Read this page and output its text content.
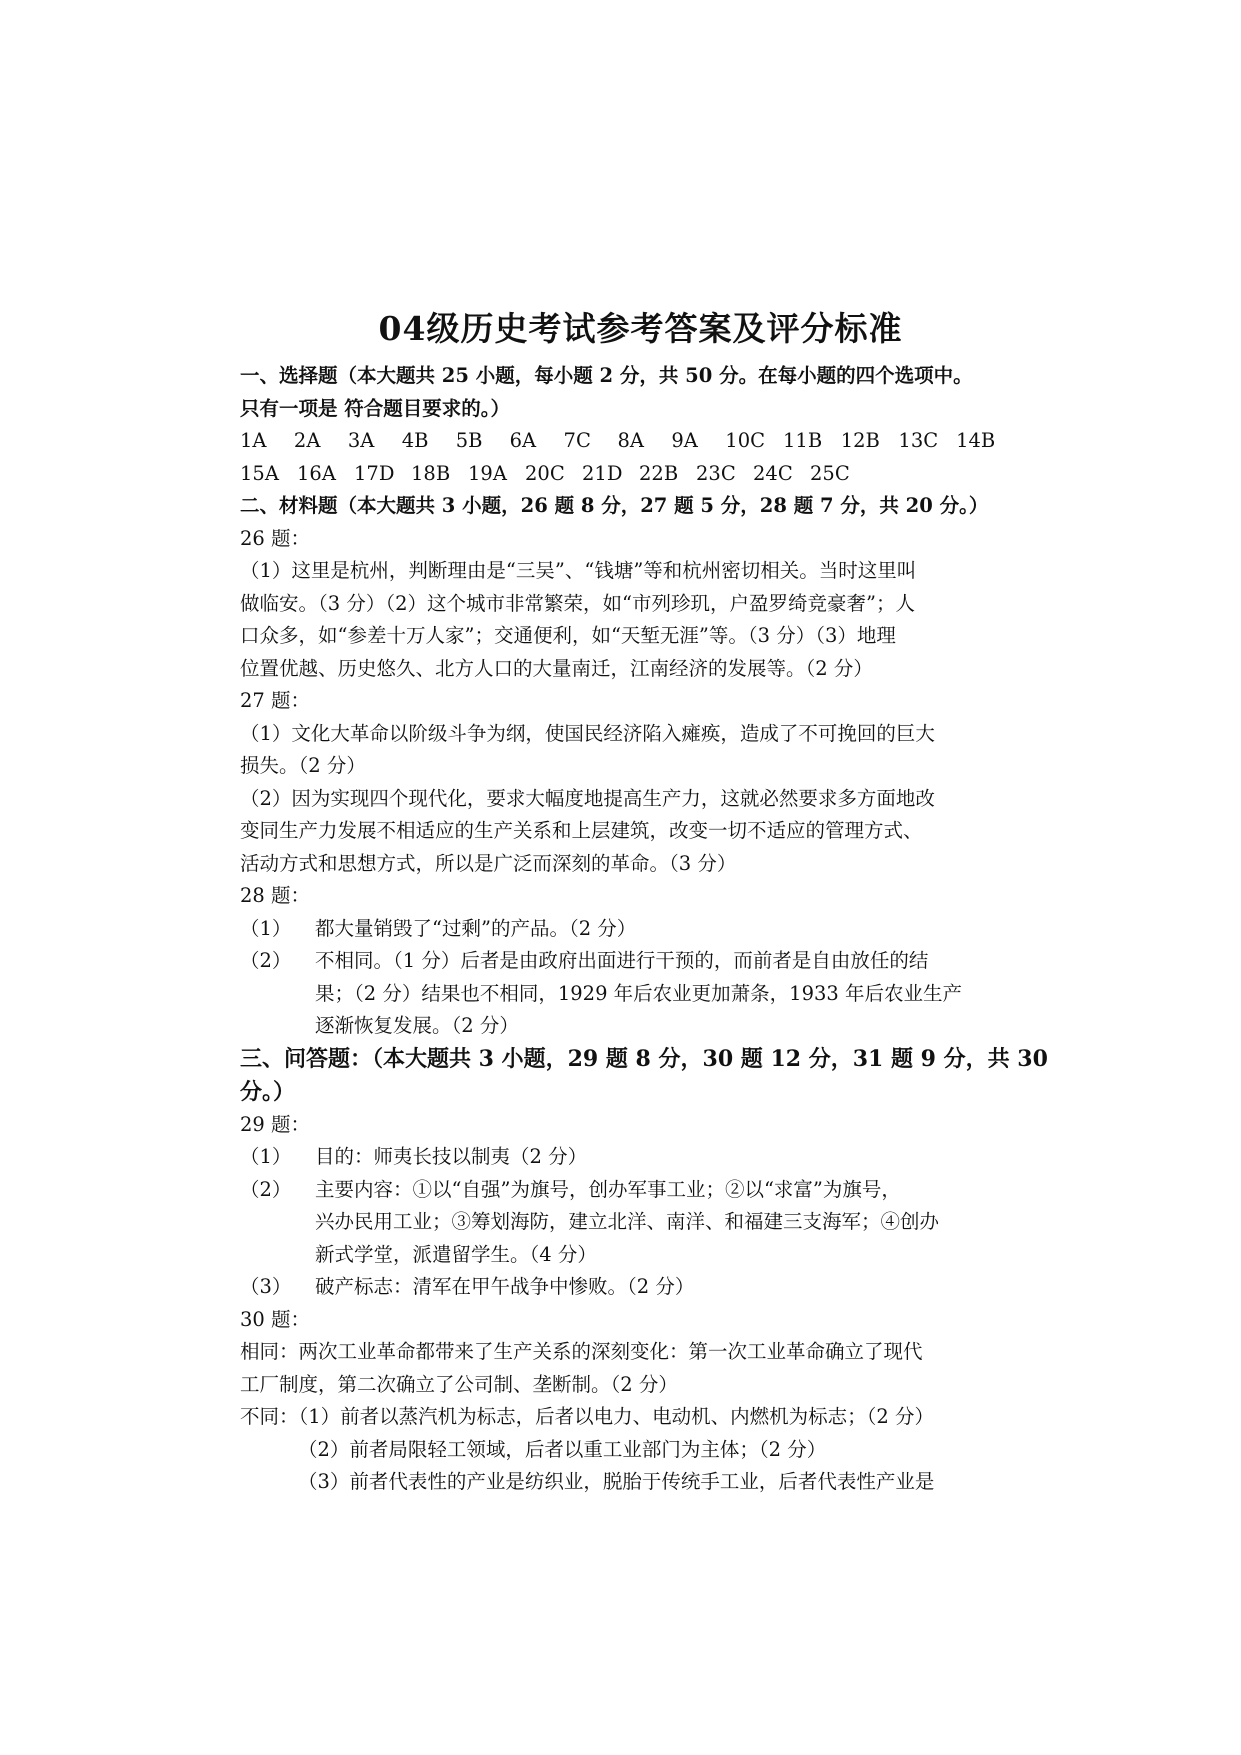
04级历史考试参考答案及评分标准
一、选择题（本大题共 25 小题，每小题 2 分，共 50 分。在每小题的四个选项中。
只有一项是 符合题目要求的。）
1A	2A	3A	4B	5B	6A	7C	8A	9A	10C 11B 12B 13C 14B
15A 16A 17D 18B 19A 20C 21D 22B 23C 24C 25C
二、材料题（本大题共 3 小题，26 题 8 分，27 题 5 分，28 题 7 分，共 20 分。）
26 题：
（1）这里是杭州，判断理由是“三吴”、“钱塘”等和杭州密切相关。当时这里叫
做临安。（3 分）（2）这个城市非常繁荣，如“市列珍玑，户盈罗绮竞豪奢”；人
口众多，如“参差十万人家”；交通便利，如“天堑无涯”等。（3 分）（3）地理
位置优越、历史悠久、北方人口的大量南迁，江南经济的发展等。（2 分）
27 题：
（1）文化大革命以阶级斗争为纲，使国民经济陷入瘫痪，造成了不可挽回的巨大
损失。（2 分）
（2）因为实现四个现代化，要求大幅度地提高生产力，这就必然要求多方面地改
变同生产力发展不相适应的生产关系和上层建筑，改变一切不适应的管理方式、
活动方式和思想方式，所以是广泛而深刻的革命。（3 分）
28 题：
（1）	都大量销毁了“过剩”的产品。（2 分）
（2）	不相同。（1 分）后者是由政府出面进行干预的，而前者是自由放任的结
果；（2 分）结果也不相同，1929 年后农业更加萧条，1933 年后农业生产
逐渐恢复发展。（2 分）
三、问答题：（本大题共 3 小题，29 题 8 分，30 题 12 分，31 题 9 分，共 30
分。）
29 题：
（1）	目的：师夷长技以制夷（2 分）
（2）	主要内容：①以“自强”为旗号，创办军事工业；②以“求富”为旗号，
兴办民用工业；③筹划海防，建立北洋、南洋、和福建三支海军；④创办
新式学堂，派遣留学生。（4 分）
（3）	破产标志：清军在甲午战争中惨败。（2 分）
30 题：
相同：两次工业革命都带来了生产关系的深刻变化：第一次工业革命确立了现代
工厂制度，第二次确立了公司制、垄断制。（2 分）
不同：（1）前者以蒸汽机为标志，后者以电力、电动机、内燃机为标志；（2 分）
（2）前者局限轻工领域，后者以重工业部门为主体；（2 分）
（3）前者代表性的产业是纺织业，脱胎于传统手工业，后者代表性产业是
